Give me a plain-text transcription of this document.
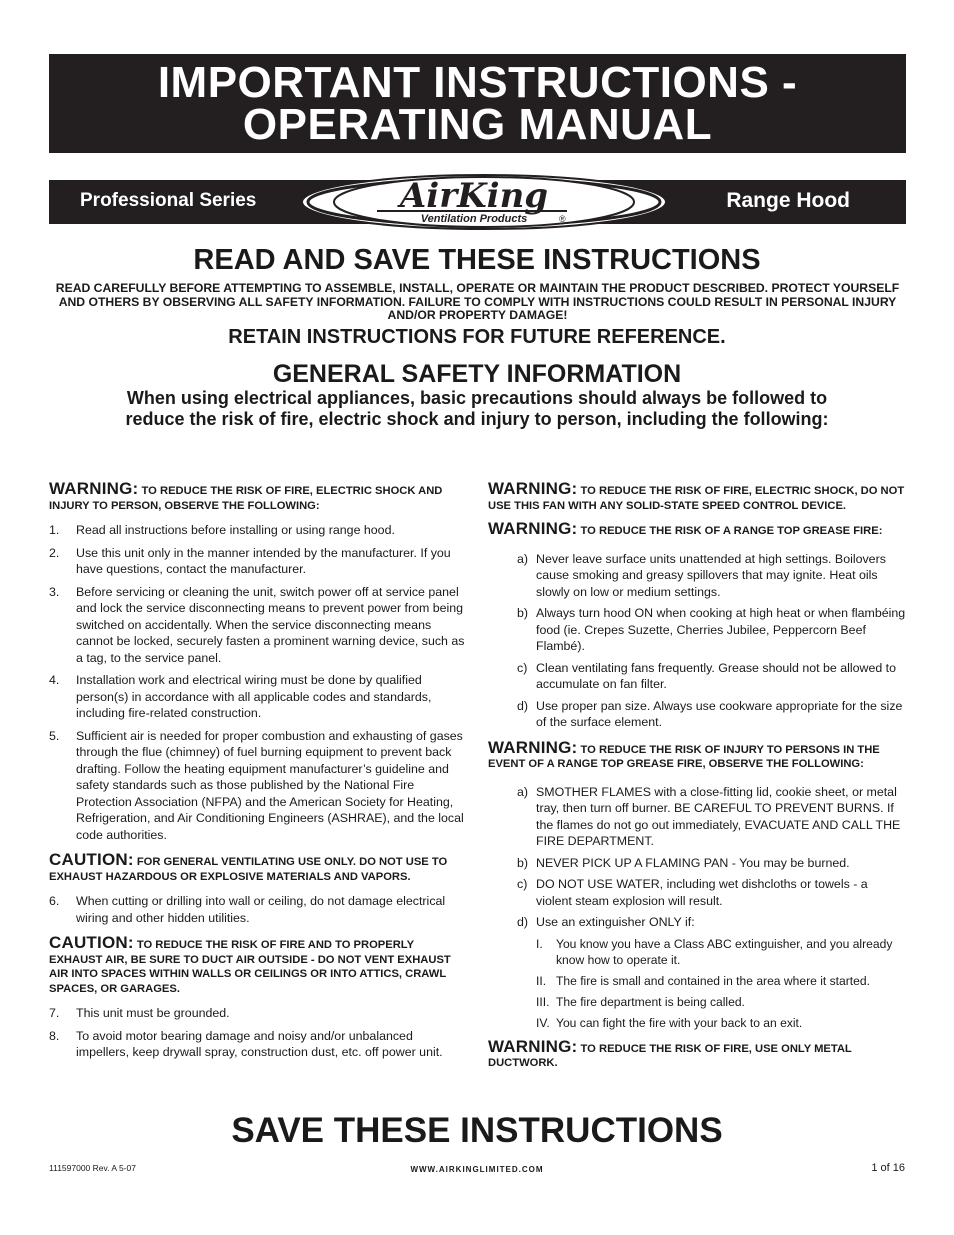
IMPORTANT INSTRUCTIONS -
OPERATING MANUAL
Professional Series	AirKing
Ventilation Products	®
Range Hood
READ AND SAVE THESE INSTRUCTIONS
READ CAREFULLY BEFORE ATTEMPTING TO ASSEMBLE, INSTALL, OPERATE OR MAINTAIN THE PRODUCT DESCRIBED. PROTECT YOURSELF AND OTHERS BY OBSERVING ALL SAFETY INFORMATION. FAILURE TO COMPLY WITH INSTRUCTIONS COULD RESULT IN PERSONAL INJURY AND/OR PROPERTY DAMAGE!
RETAIN INSTRUCTIONS FOR FUTURE REFERENCE.
GENERAL SAFETY INFORMATION
When using electrical appliances, basic precautions should always be followed to reduce the risk of fire, electric shock and injury to person, including the following:
WARNING: TO REDUCE THE RISK OF FIRE, ELECTRIC SHOCK AND INJURY TO PERSON, OBSERVE THE FOLLOWING:
1. Read all instructions before installing or using range hood.
2. Use this unit only in the manner intended by the manufacturer. If you have questions, contact the manufacturer.
3. Before servicing or cleaning the unit, switch power off at service panel and lock the service disconnecting means to prevent power from being switched on accidentally. When the service disconnecting means cannot be locked, securely fasten a prominent warning device, such as a tag, to the service panel.
4. Installation work and electrical wiring must be done by qualified person(s) in accordance with all applicable codes and standards, including fire-related construction.
5. Sufficient air is needed for proper combustion and exhausting of gases through the flue (chimney) of fuel burning equipment to prevent back drafting. Follow the heating equipment manufacturer’s guideline and safety standards such as those published by the National Fire Protection Association (NFPA) and the American Society for Heating, Refrigeration, and Air Conditioning Engineers (ASHRAE), and the local code authorities.
CAUTION: FOR GENERAL VENTILATING USE ONLY. DO NOT USE TO EXHAUST HAZARDOUS OR EXPLOSIVE MATERIALS AND VAPORS.
6. When cutting or drilling into wall or ceiling, do not damage electrical wiring and other hidden utilities.
CAUTION: TO REDUCE THE RISK OF FIRE AND TO PROPERLY EXHAUST AIR, BE SURE TO DUCT AIR OUTSIDE - DO NOT VENT EXHAUST AIR INTO SPACES WITHIN WALLS OR CEILINGS OR INTO ATTICS, CRAWL SPACES, OR GARAGES.
7. This unit must be grounded.
8. To avoid motor bearing damage and noisy and/or unbalanced impellers, keep drywall spray, construction dust, etc. off power unit.
WARNING: TO REDUCE THE RISK OF FIRE, ELECTRIC SHOCK, DO NOT USE THIS FAN WITH ANY SOLID-STATE SPEED CONTROL DEVICE.
WARNING: TO REDUCE THE RISK OF A RANGE TOP GREASE FIRE:
a) Never leave surface units unattended at high settings. Boilovers cause smoking and greasy spillovers that may ignite. Heat oils slowly on low or medium settings.
b) Always turn hood ON when cooking at high heat or when flambéing food (ie. Crepes Suzette, Cherries Jubilee, Peppercorn Beef Flambé).
c) Clean ventilating fans frequently. Grease should not be allowed to accumulate on fan filter.
d) Use proper pan size. Always use cookware appropriate for the size of the surface element.
WARNING: TO REDUCE THE RISK OF INJURY TO PERSONS IN THE EVENT OF A RANGE TOP GREASE FIRE, OBSERVE THE FOLLOWING:
a) SMOTHER FLAMES with a close-fitting lid, cookie sheet, or metal tray, then turn off burner. BE CAREFUL TO PREVENT BURNS. If the flames do not go out immediately, EVACUATE AND CALL THE FIRE DEPARTMENT.
b) NEVER PICK UP A FLAMING PAN - You may be burned.
c) DO NOT USE WATER, including wet dishcloths or towels - a violent steam explosion will result.
d) Use an extinguisher ONLY if:
I. You know you have a Class ABC extinguisher, and you already know how to operate it.
II. The fire is small and contained in the area where it started.
III. The fire department is being called.
IV. You can fight the fire with your back to an exit.
WARNING: TO REDUCE THE RISK OF FIRE, USE ONLY METAL DUCTWORK.
SAVE THESE INSTRUCTIONS
111597000 Rev. A 5-07	WWW.AIRKINGLIMITED.COM	1 of 16
